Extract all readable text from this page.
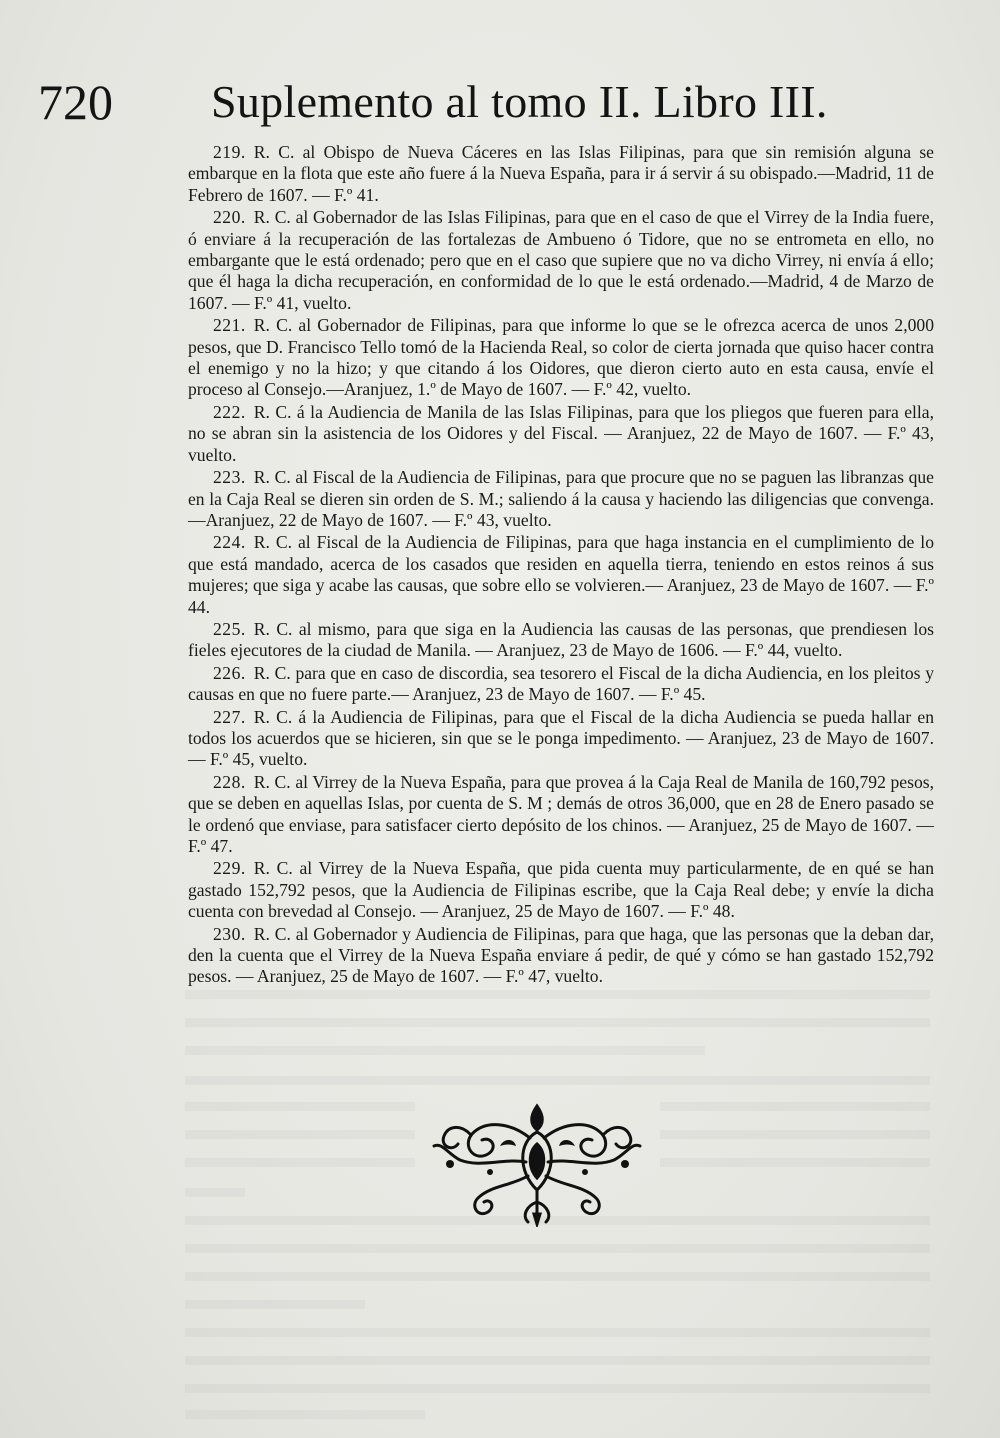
720 Suplemento al tomo II. Libro III.

219. R. C. al Obispo de Nueva Cáceres en las Islas Filipinas, para que sin remisión alguna se embarque en la flota que este año fuere á la Nueva España, para ir á servir á su obispado.—Madrid, 11 de Febrero de 1607. — F.º 41.

220. R. C. al Gobernador de las Islas Filipinas, para que en el caso de que el Virrey de la India fuere, ó enviare á la recuperación de las fortalezas de Ambueno ó Tidore, que no se entrometa en ello, no embargante que le está ordenado; pero que en el caso que supiere que no va dicho Virrey, ni envía á ello; que él haga la dicha recuperación, en conformidad de lo que le está ordenado.—Madrid, 4 de Marzo de 1607. — F.º 41, vuelto.

221. R. C. al Gobernador de Filipinas, para que informe lo que se le ofrezca acerca de unos 2,000 pesos, que D. Francisco Tello tomó de la Hacienda Real, so color de cierta jornada que quiso hacer contra el enemigo y no la hizo; y que citando á los Oidores, que dieron cierto auto en esta causa, envíe el proceso al Consejo.—Aranjuez, 1.º de Mayo de 1607. — F.º 42, vuelto.

222. R. C. á la Audiencia de Manila de las Islas Filipinas, para que los pliegos que fueren para ella, no se abran sin la asistencia de los Oidores y del Fiscal. — Aranjuez, 22 de Mayo de 1607. — F.º 43, vuelto.

223. R. C. al Fiscal de la Audiencia de Filipinas, para que procure que no se paguen las libranzas que en la Caja Real se dieren sin orden de S. M.; saliendo á la causa y haciendo las diligencias que convenga.—Aranjuez, 22 de Mayo de 1607. — F.º 43, vuelto.

224. R. C. al Fiscal de la Audiencia de Filipinas, para que haga instancia en el cumplimiento de lo que está mandado, acerca de los casados que residen en aquella tierra, teniendo en estos reinos á sus mujeres; que siga y acabe las causas, que sobre ello se volvieren.— Aranjuez, 23 de Mayo de 1607. — F.º 44.

225. R. C. al mismo, para que siga en la Audiencia las causas de las personas, que prendiesen los fieles ejecutores de la ciudad de Manila. — Aranjuez, 23 de Mayo de 1606. — F.º 44, vuelto.

226. R. C. para que en caso de discordia, sea tesorero el Fiscal de la dicha Audiencia, en los pleitos y causas en que no fuere parte.— Aranjuez, 23 de Mayo de 1607. — F.º 45.

227. R. C. á la Audiencia de Filipinas, para que el Fiscal de la dicha Audiencia se pueda hallar en todos los acuerdos que se hicieren, sin que se le ponga impedimento. — Aranjuez, 23 de Mayo de 1607. — F.º 45, vuelto.

228. R. C. al Virrey de la Nueva España, para que provea á la Caja Real de Manila de 160,792 pesos, que se deben en aquellas Islas, por cuenta de S. M ; demás de otros 36,000, que en 28 de Enero pasado se le ordenó que enviase, para satisfacer cierto depósito de los chinos. — Aranjuez, 25 de Mayo de 1607. — F.º 47.

229. R. C. al Virrey de la Nueva España, que pida cuenta muy particularmente, de en qué se han gastado 152,792 pesos, que la Audiencia de Filipinas escribe, que la Caja Real debe; y envíe la dicha cuenta con brevedad al Consejo. — Aranjuez, 25 de Mayo de 1607. — F.º 48.

230. R. C. al Gobernador y Audiencia de Filipinas, para que haga, que las personas que la deban dar, den la cuenta que el Virrey de la Nueva España enviare á pedir, de qué y cómo se han gastado 152,792 pesos. — Aranjuez, 25 de Mayo de 1607. — F.º 47, vuelto.
